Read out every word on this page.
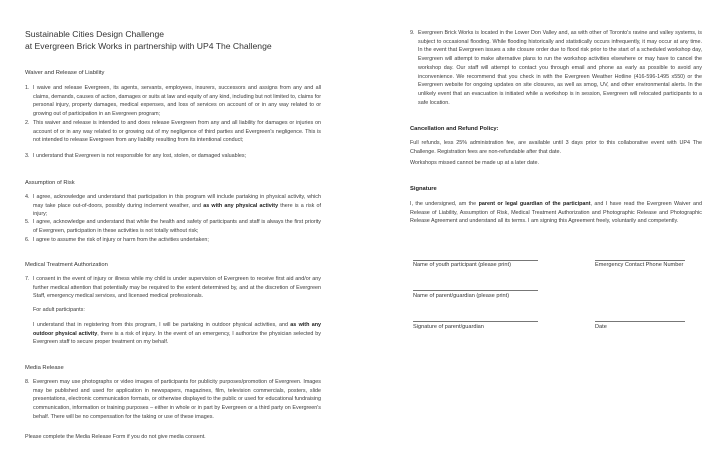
Sustainable Cities Design Challenge
at Evergreen Brick Works in partnership with UP4 The Challenge
Waiver and Release of Liability
1. I waive and release Evergreen, its agents, servants, employees, insurers, successors and assigns from any and all claims, demands, causes of action, damages or suits at law and equity of any kind, including but not limited to, claims for personal injury, property damages, medical expenses, and loss of services on account of or in any way related to or growing out of participation in an Evergreen program;
2. This waiver and release is intended to and does release Evergreen from any and all liability for damages or injuries on account of or in any way related to or growing out of my negligence of third parties and Evergreen's negligence. This is not intended to release Evergreen from any liability resulting from its intentional conduct;
3. I understand that Evergreen is not responsible for any lost, stolen, or damaged valuables;
Assumption of Risk
4. I agree, acknowledge and understand that participation in this program will include partaking in physical activity, which may take place out-of-doors, possibly during inclement weather, and as with any physical activity there is a risk of injury;
5. I agree, acknowledge and understand that while the health and safety of participants and staff is always the first priority of Evergreen, participation in these activities is not totally without risk;
6. I agree to assume the risk of injury or harm from the activities undertaken;
Medical Treatment Authorization
7. I consent in the event of injury or illness while my child is under supervision of Evergreen to receive first aid and/or any further medical attention that potentially may be required to the extent determined by, and at the discretion of Evergreen Staff, emergency medical services, and licensed medical professionals.
For adult participants:
I understand that in registering from this program, I will be partaking in outdoor physical activities, and as with any outdoor physical activity, there is a risk of injury. In the event of an emergency, I authorize the physician selected by Evergreen staff to secure proper treatment on my behalf.
Media Release
8. Evergreen may use photographs or video images of participants for publicity purposes/promotion of Evergreen. Images may be published and used for application in newspapers, magazines, film, television commercials, posters, slide presentations, electronic communication formats, or otherwise displayed to the public or used for educational fundraising communication, information or training purposes – either in whole or in part by Evergreen or a third party on Evergreen's behalf. There will be no compensation for the taking or use of these images.
Please complete the Media Release Form if you do not give media consent.
9. Evergreen Brick Works is located in the Lower Don Valley and, as with other of Toronto's ravine and valley systems, is subject to occasional flooding. While flooding historically and statistically occurs infrequently, it may occur at any time. In the event that Evergreen issues a site closure order due to flood risk prior to the start of a scheduled workshop day, Evergreen will attempt to make alternative plans to run the workshop activities elsewhere or may have to cancel the workshop day. Our staff will attempt to contact you through email and phone as early as possible to avoid any inconvenience. We recommend that you check in with the Evergreen Weather Hotline (416-596-1495 x550) or the Evergreen website for ongoing updates on site closures, as well as smog, UV, and other environmental alerts. In the unlikely event that an evacuation is initiated while a workshop is in session, Evergreen will relocated participants to a safe location.
Cancellation and Refund Policy:
Full refunds, less 25% administration fee, are available until 3 days prior to this collaborative event with UP4 The Challenge. Registration fees are non-refundable after that date.
Workshops missed cannot be made up at a later date.
Signature
I, the undersigned, am the parent or legal guardian of the participant, and I have read the Evergreen Waiver and Release of Liability, Assumption of Risk, Medical Treatment Authorization and Photographic Release and Photographic Release Agreement and understand all its terms. I am signing this Agreement freely, voluntarily and competently.
Name of youth participant (please print)	Emergency Contact Phone Number
Name of parent/guardian (please print)
Signature of parent/guardian	Date
